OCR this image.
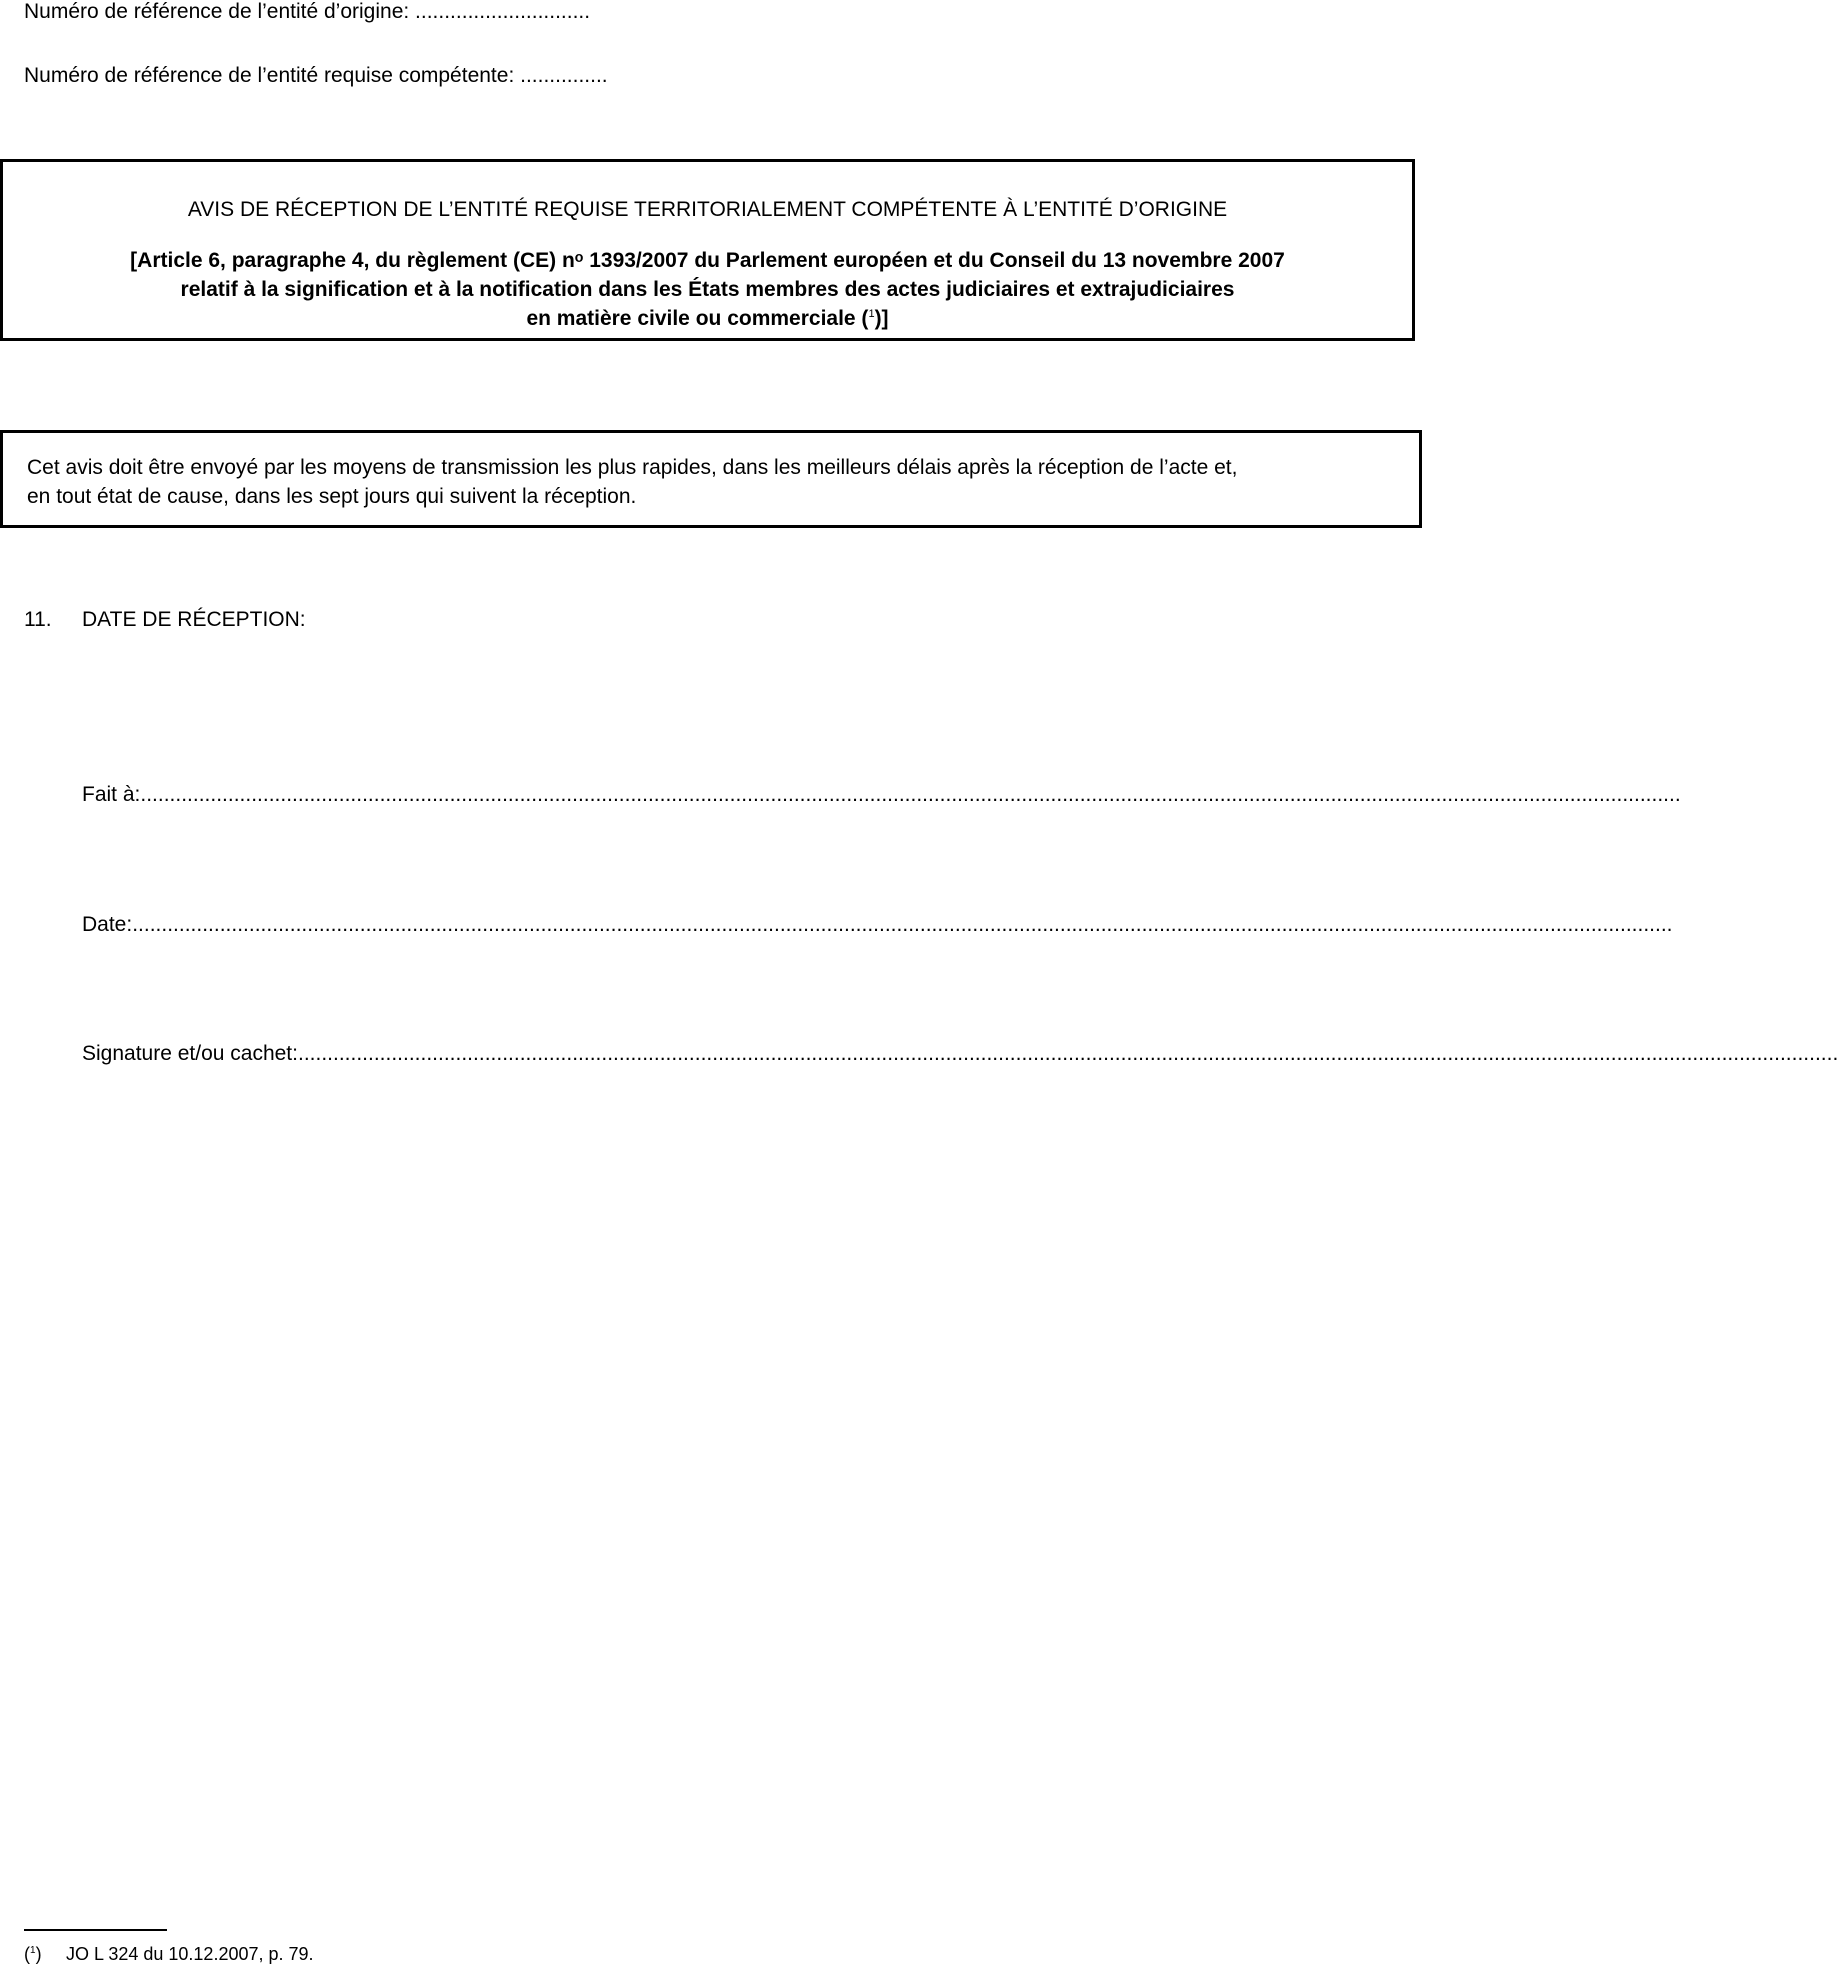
Numéro de référence de l’entité d’origine: ..............................
Numéro de référence de l’entité requise compétente: ...............
AVIS DE RÉCEPTION DE L’ENTITÉ REQUISE TERRITORIALEMENT COMPÉTENTE À L’ENTITÉ D’ORIGINE
[Article 6, paragraphe 4, du règlement (CE) nᵒ 1393/2007 du Parlement européen et du Conseil du 13 novembre 2007
relatif à la signification et à la notification dans les États membres des actes judiciaires et extrajudiciaires
en matière civile ou commerciale ($^1$)]
Cet avis doit être envoyé par les moyens de transmission les plus rapides, dans les meilleurs délais après la réception de l’acte et,
en tout état de cause, dans les sept jours qui suivent la réception.
11. DATE DE RÉCEPTION:
Fait à: ........................................................................................................................................................................................................................................................................
Date: ........................................................................................................................................................................................................................................................................
Signature et/ou cachet: ........................................................................................................................................................................................................................................................................
($^1$) JO L 324 du 10.12.2007, p. 79.
